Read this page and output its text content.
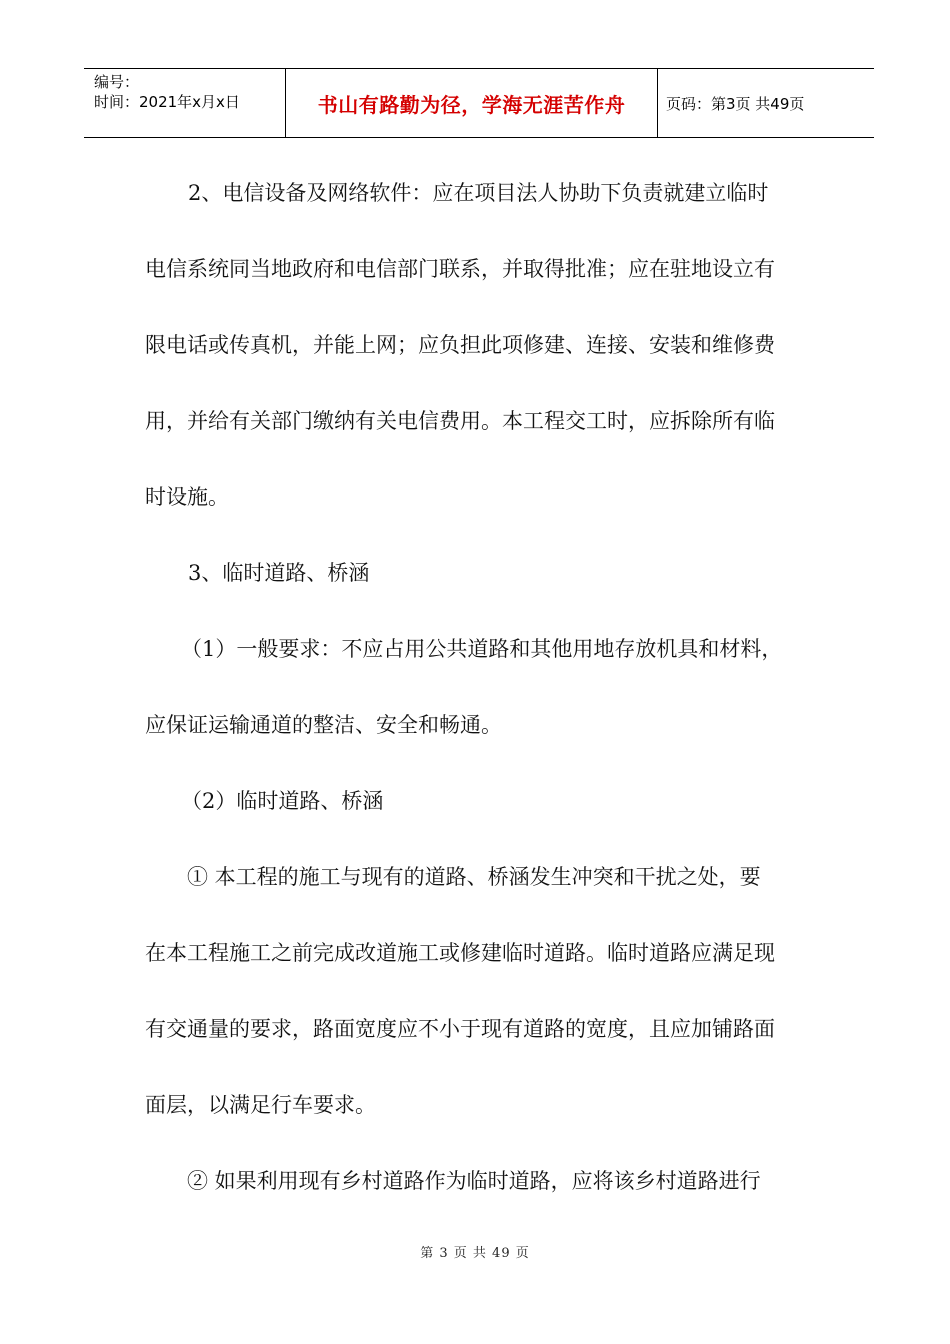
编号：
时间：2021年x月x日	书山有路勤为径，学海无涯苦作舟	页码：第3页 共49页

2、电信设备及网络软件：应在项目法人协助下负责就建立临时

电信系统同当地政府和电信部门联系，并取得批准；应在驻地设立有

限电话或传真机，并能上网；应负担此项修建、连接、安装和维修费

用，并给有关部门缴纳有关电信费用。本工程交工时，应拆除所有临

时设施。

3、临时道路、桥涵

（1）一般要求：不应占用公共道路和其他用地存放机具和材料，

应保证运输通道的整洁、安全和畅通。

（2）临时道路、桥涵

① 本工程的施工与现有的道路、桥涵发生冲突和干扰之处，要

在本工程施工之前完成改道施工或修建临时道路。临时道路应满足现

有交通量的要求，路面宽度应不小于现有道路的宽度，且应加铺路面

面层，以满足行车要求。

② 如果利用现有乡村道路作为临时道路，应将该乡村道路进行

第 3 页 共 49 页
